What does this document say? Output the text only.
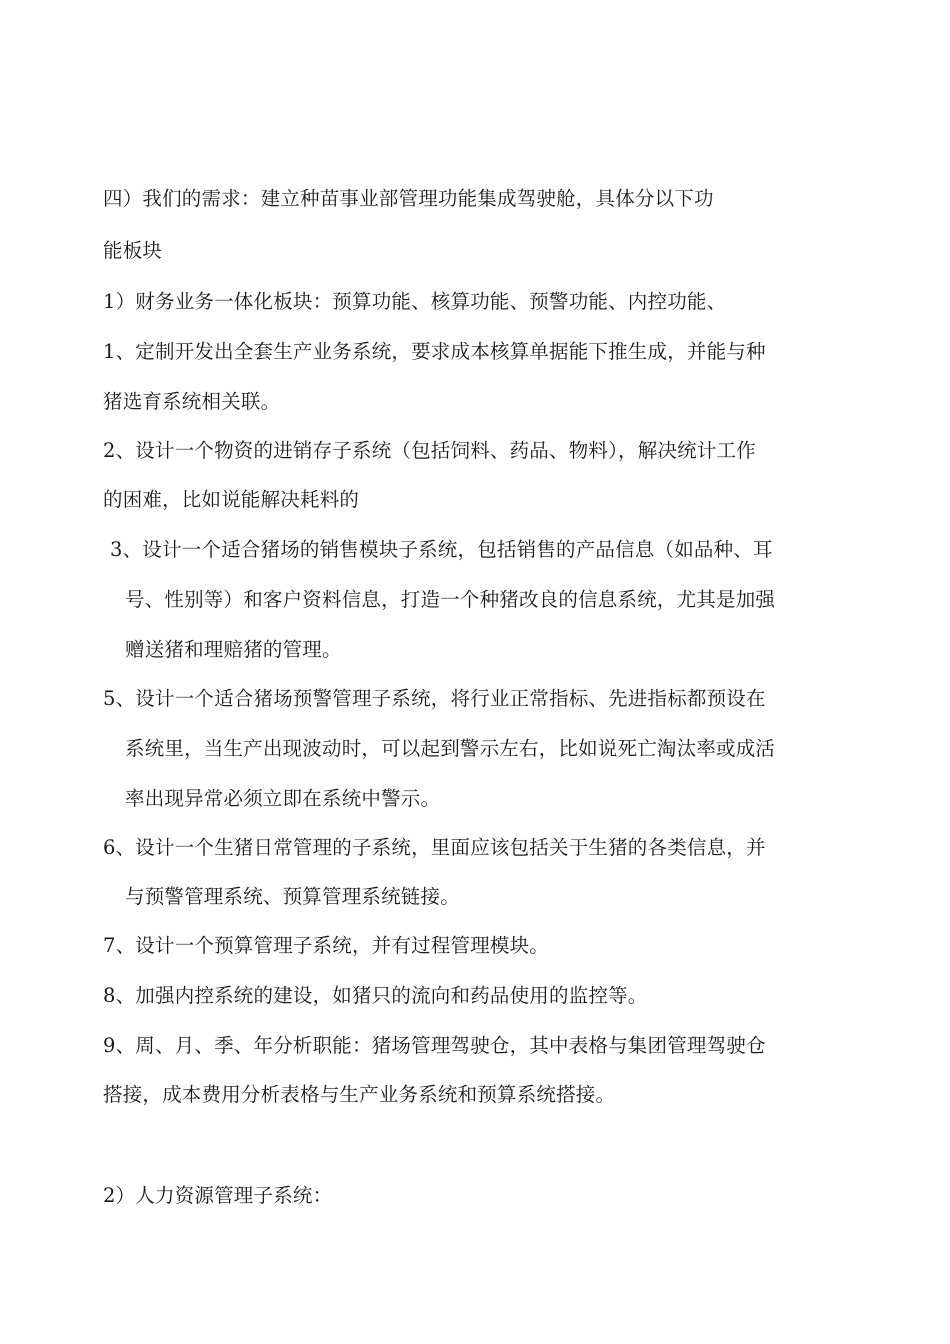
四）我们的需求：建立种苗事业部管理功能集成驾驶舱，具体分以下功
能板块
1）财务业务一体化板块：预算功能、核算功能、预警功能、内控功能、
1、定制开发出全套生产业务系统，要求成本核算单据能下推生成，并能与种
猪选育系统相关联。
2、设计一个物资的进销存子系统（包括饲料、药品、物料），解决统计工作
的困难，比如说能解决耗料的
3、设计一个适合猪场的销售模块子系统，包括销售的产品信息（如品种、耳
号、性别等）和客户资料信息，打造一个种猪改良的信息系统，尤其是加强
赠送猪和理赔猪的管理。
5、设计一个适合猪场预警管理子系统，将行业正常指标、先进指标都预设在
系统里，当生产出现波动时，可以起到警示左右，比如说死亡淘汰率或成活
率出现异常必须立即在系统中警示。
6、设计一个生猪日常管理的子系统，里面应该包括关于生猪的各类信息，并
与预警管理系统、预算管理系统链接。
7、设计一个预算管理子系统，并有过程管理模块。
8、加强内控系统的建设，如猪只的流向和药品使用的监控等。
9、周、月、季、年分析职能：猪场管理驾驶仓，其中表格与集团管理驾驶仓
搭接，成本费用分析表格与生产业务系统和预算系统搭接。
2）人力资源管理子系统：
